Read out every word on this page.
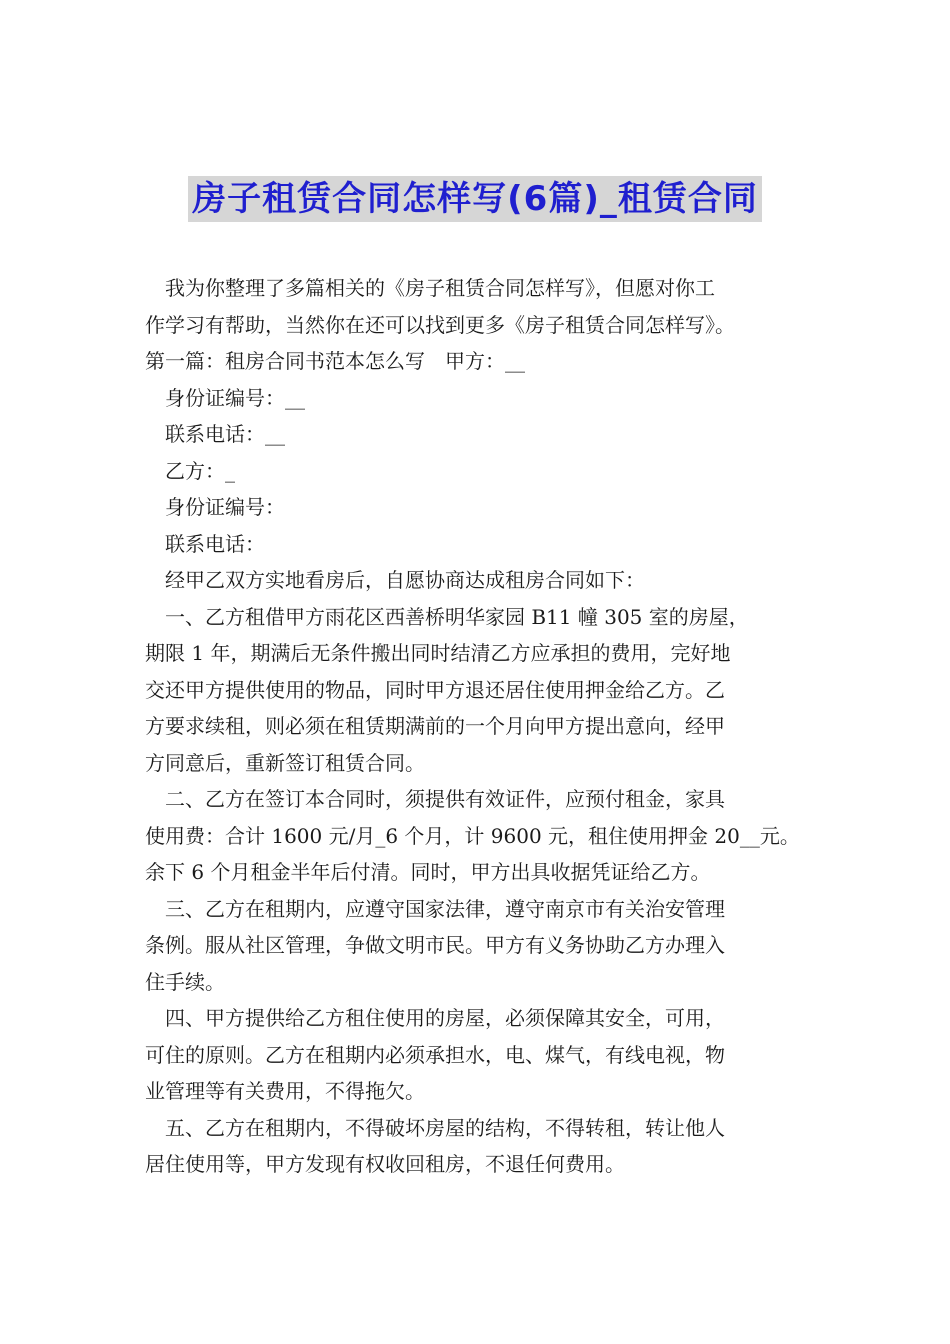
房子租赁合同怎样写(6篇)_租赁合同
我为你整理了多篇相关的《房子租赁合同怎样写》，但愿对你工
作学习有帮助，当然你在还可以找到更多《房子租赁合同怎样写》。
第一篇：租房合同书范本怎么写　甲方：__
身份证编号：__
联系电话：__
乙方：_
身份证编号：
联系电话：
经甲乙双方实地看房后，自愿协商达成租房合同如下：
一、乙方租借甲方雨花区西善桥明华家园 B11 幢 305 室的房屋，
期限 1 年，期满后无条件搬出同时结清乙方应承担的费用，完好地
交还甲方提供使用的物品，同时甲方退还居住使用押金给乙方。乙
方要求续租，则必须在租赁期满前的一个月向甲方提出意向，经甲
方同意后，重新签订租赁合同。
二、乙方在签订本合同时，须提供有效证件，应预付租金，家具
使用费：合计 1600 元/月_6 个月，计 9600 元，租住使用押金 20__元。
余下 6 个月租金半年后付清。同时，甲方出具收据凭证给乙方。
三、乙方在租期内，应遵守国家法律，遵守南京市有关治安管理
条例。服从社区管理，争做文明市民。甲方有义务协助乙方办理入
住手续。
四、甲方提供给乙方租住使用的房屋，必须保障其安全，可用，
可住的原则。乙方在租期内必须承担水，电、煤气，有线电视，物
业管理等有关费用，不得拖欠。
五、乙方在租期内，不得破坏房屋的结构，不得转租，转让他人
居住使用等，甲方发现有权收回租房，不退任何费用。
